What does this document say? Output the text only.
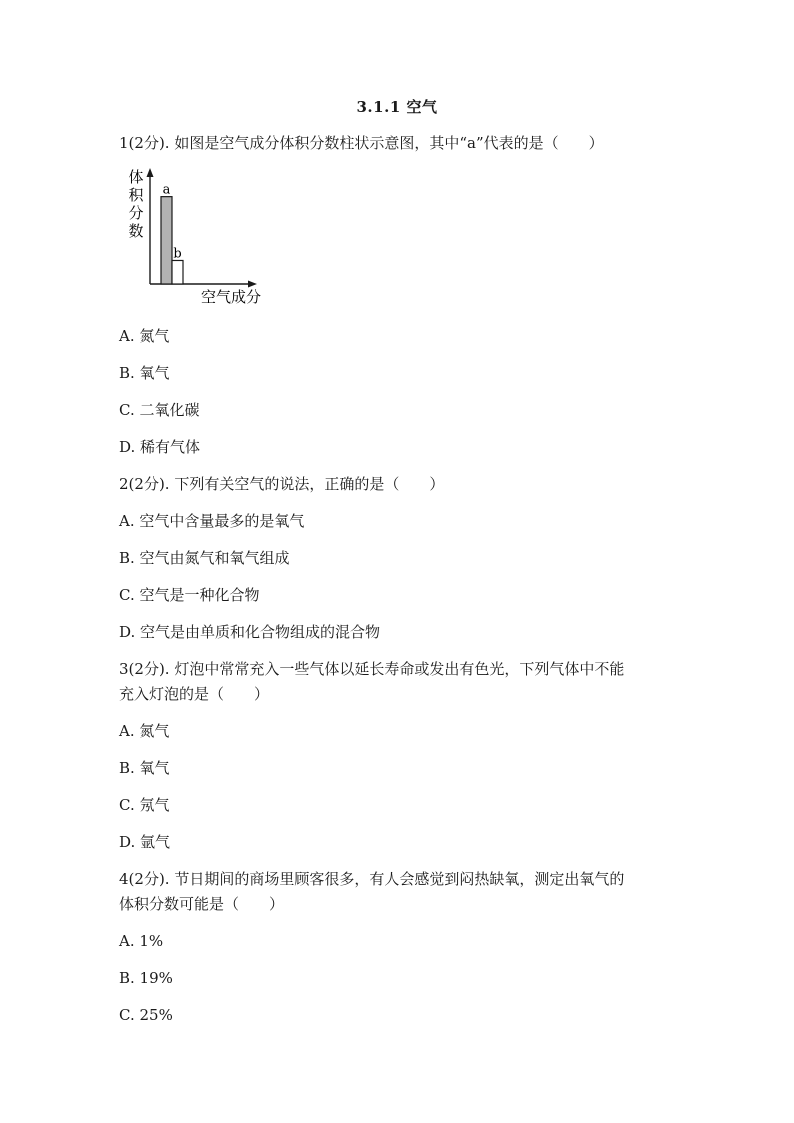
3.1.1 空气
1(2分). 如图是空气成分体积分数柱状示意图，其中“a”代表的是（　　）
体积分数
a
b
空气成分
A. 氮气
B. 氧气
C. 二氧化碳
D. 稀有气体
2(2分). 下列有关空气的说法，正确的是（　　）
A. 空气中含量最多的是氧气
B. 空气由氮气和氧气组成
C. 空气是一种化合物
D. 空气是由单质和化合物组成的混合物
3(2分). 灯泡中常常充入一些气体以延长寿命或发出有色光，下列气体中不能
充入灯泡的是（　　）
A. 氮气
B. 氧气
C. 氖气
D. 氩气
4(2分). 节日期间的商场里顾客很多，有人会感觉到闷热缺氧，测定出氧气的
体积分数可能是（　　）
A. 1%
B. 19%
C. 25%
